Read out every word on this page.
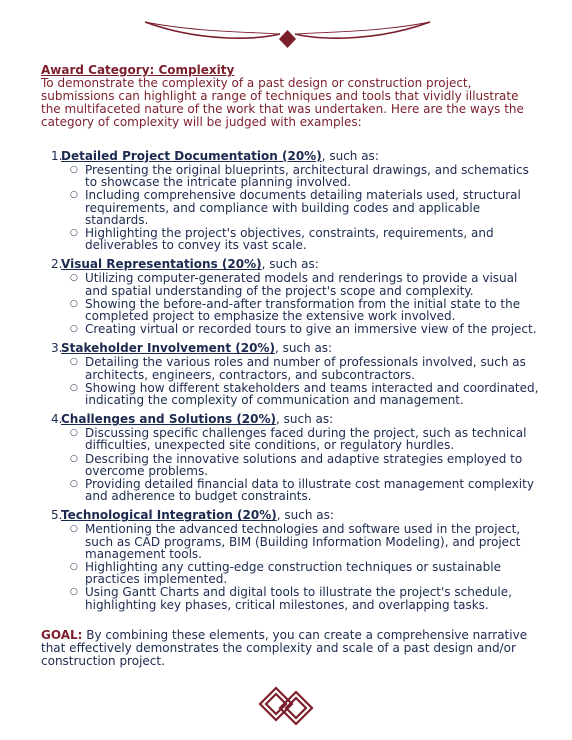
Award Category: Complexity

To demonstrate the complexity of a past design or construction project, submissions can highlight a range of techniques and tools that vividly illustrate the multifaceted nature of the work that was undertaken. Here are the ways the category of complexity will be judged with examples:

1.Detailed Project Documentation (20%), such as:
○ Presenting the original blueprints, architectural drawings, and schematics to showcase the intricate planning involved.
○ Including comprehensive documents detailing materials used, structural requirements, and compliance with building codes and applicable standards.
○ Highlighting the project's objectives, constraints, requirements, and deliverables to convey its vast scale.
2.Visual Representations (20%), such as:
○ Utilizing computer-generated models and renderings to provide a visual and spatial understanding of the project's scope and complexity.
○ Showing the before-and-after transformation from the initial state to the completed project to emphasize the extensive work involved.
○ Creating virtual or recorded tours to give an immersive view of the project.
3.Stakeholder Involvement (20%), such as:
○ Detailing the various roles and number of professionals involved, such as architects, engineers, contractors, and subcontractors.
○ Showing how different stakeholders and teams interacted and coordinated, indicating the complexity of communication and management.
4.Challenges and Solutions (20%), such as:
○ Discussing specific challenges faced during the project, such as technical difficulties, unexpected site conditions, or regulatory hurdles.
○ Describing the innovative solutions and adaptive strategies employed to overcome problems.
○ Providing detailed financial data to illustrate cost management complexity and adherence to budget constraints.
5.Technological Integration (20%), such as:
○ Mentioning the advanced technologies and software used in the project, such as CAD programs, BIM (Building Information Modeling), and project management tools.
○ Highlighting any cutting-edge construction techniques or sustainable practices implemented.
○ Using Gantt Charts and digital tools to illustrate the project's schedule, highlighting key phases, critical milestones, and overlapping tasks.
GOAL: By combining these elements, you can create a comprehensive narrative that effectively demonstrates the complexity and scale of a past design and/or construction project.
